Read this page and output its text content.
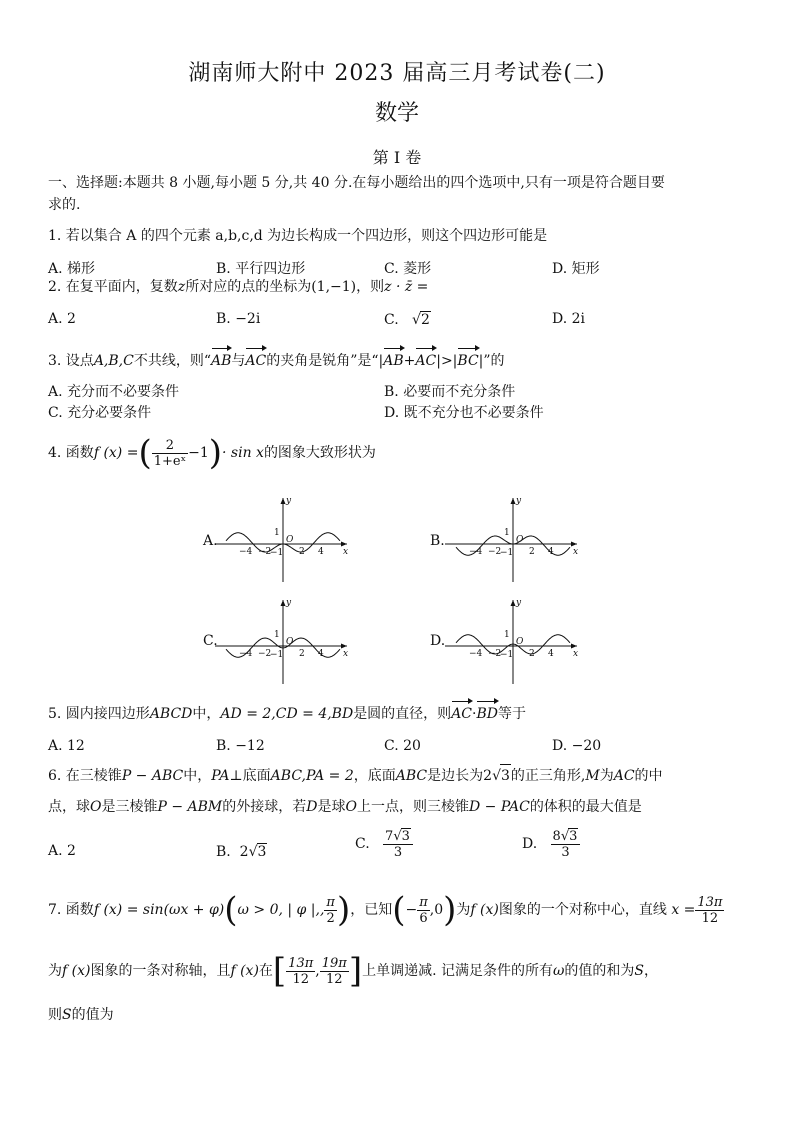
湖南师大附中 2023 届高三月考试卷(二)
数学
第 I 卷
一、选择题:本题共 8 小题,每小题 5 分,共 40 分.在每小题给出的四个选项中,只有一项是符合题目要
求的.
1. 若以集合 A 的四个元素 a,b,c,d 为边长构成一个四边形，则这个四边形可能是
A. 梯形	B. 平行四边形	C. 菱形	D. 矩形
2. 在复平面内，复数z所对应的点的坐标为(1,−1)，则z · z̄ =
A. 2	B. −2i	C.   √2	D. 2i
3. 设点A,B,C不共线，则“AB与AC的夹角是锐角”是“|AB+AC|>|BC|”的
A. 充分而不必要条件	B. 必要而不充分条件
C. 充分必要条件	D. 既不充分也不必要条件
4. 函数f (x) =( $\frac{2}{\text{1+eˣ}} -1)\cdot \sin x$的图象大致形状为
y
x
O
1
−1
−4 −2	2 4
A.
y
x
O
1
−1
−4 −2	2 4
B.
y
x
O
1
−1
−4 −2	2 4
C.
y
x
O
1
−1
−4 −2	2 4
D.
5. 圆内接四边形ABCD中，AD = 2,CD = 4,BD是圆的直径，则AC·BD等于
A. 12	B. −12	C. 20	D. −20
6. 在三棱锥P − ABC中，PA⊥底面ABC,PA = 2，底面ABC是边长为2√3的正三角形,M为AC的中
点，球O是三棱锥P − ABM的外接球，若D是球O上一点，则三棱锥D − PAC的体积的最大值是
A. 2	B. 2√3	C. $\frac{7√3}{3}$	D. $\frac{8√3}{3}$
7. 函数f (x) = sin(ωx + φ)(ω > 0, | φ |,, $\frac{\pi}{2}$ )，已知(− $\frac{\pi}{6} ,0$)为f (x)图象的一个对称中心，直线 $x = \frac{13\pi}{12}$
为f (x)图象的一条对称轴，且f (x)在[ $\frac{13\pi}{12}$ , $\frac{19\pi}{12}$ ]上单调递减. 记满足条件的所有ω的值的和为S，
则S的值为
